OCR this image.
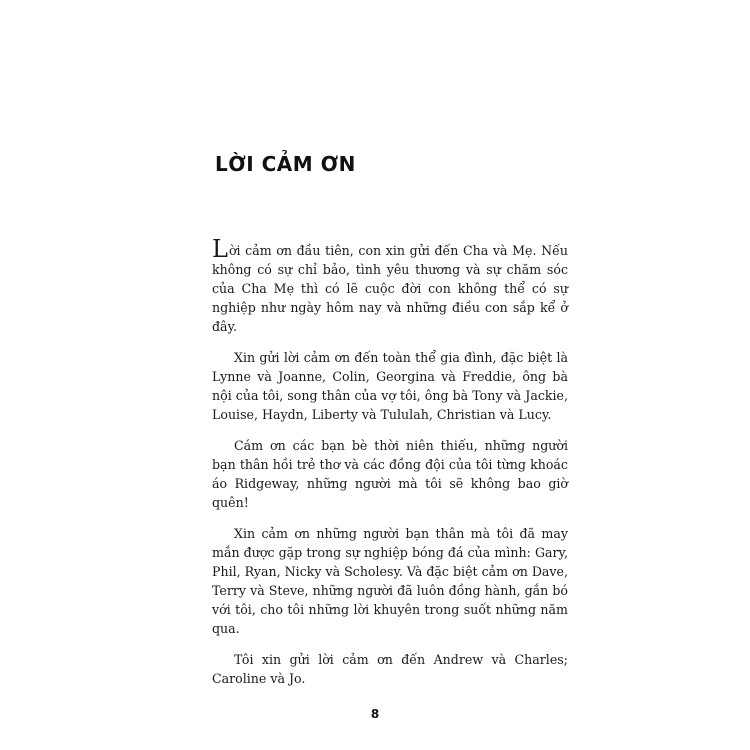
LỜI CẢM ƠN

Lời cảm ơn đầu tiên, con xin gửi đến Cha và Mẹ. Nếu không có sự chỉ bảo, tình yêu thương và sự chăm sóc của Cha Mẹ thì có lẽ cuộc đời con không thể có sự nghiệp như ngày hôm nay và những điều con sắp kể ở đây.

Xin gửi lời cảm ơn đến toàn thể gia đình, đặc biệt là Lynne và Joanne, Colin, Georgina và Freddie, ông bà nội của tôi, song thân của vợ tôi, ông bà Tony và Jackie, Louise, Haydn, Liberty và Tululah, Christian và Lucy.

Cám ơn các bạn bè thời niên thiếu, những người bạn thân hồi trẻ thơ và các đồng đội của tôi từng khoác áo Ridgeway, những người mà tôi sẽ không bao giờ quên!

Xin cảm ơn những người bạn thân mà tôi đã may mắn được gặp trong sự nghiệp bóng đá của mình: Gary, Phil, Ryan, Nicky và Scholesy. Và đặc biệt cảm ơn Dave, Terry và Steve, những người đã luôn đồng hành, gắn bó với tôi, cho tôi những lời khuyên trong suốt những năm qua.

Tôi xin gửi lời cảm ơn đến Andrew và Charles; Caroline và Jo.

8
